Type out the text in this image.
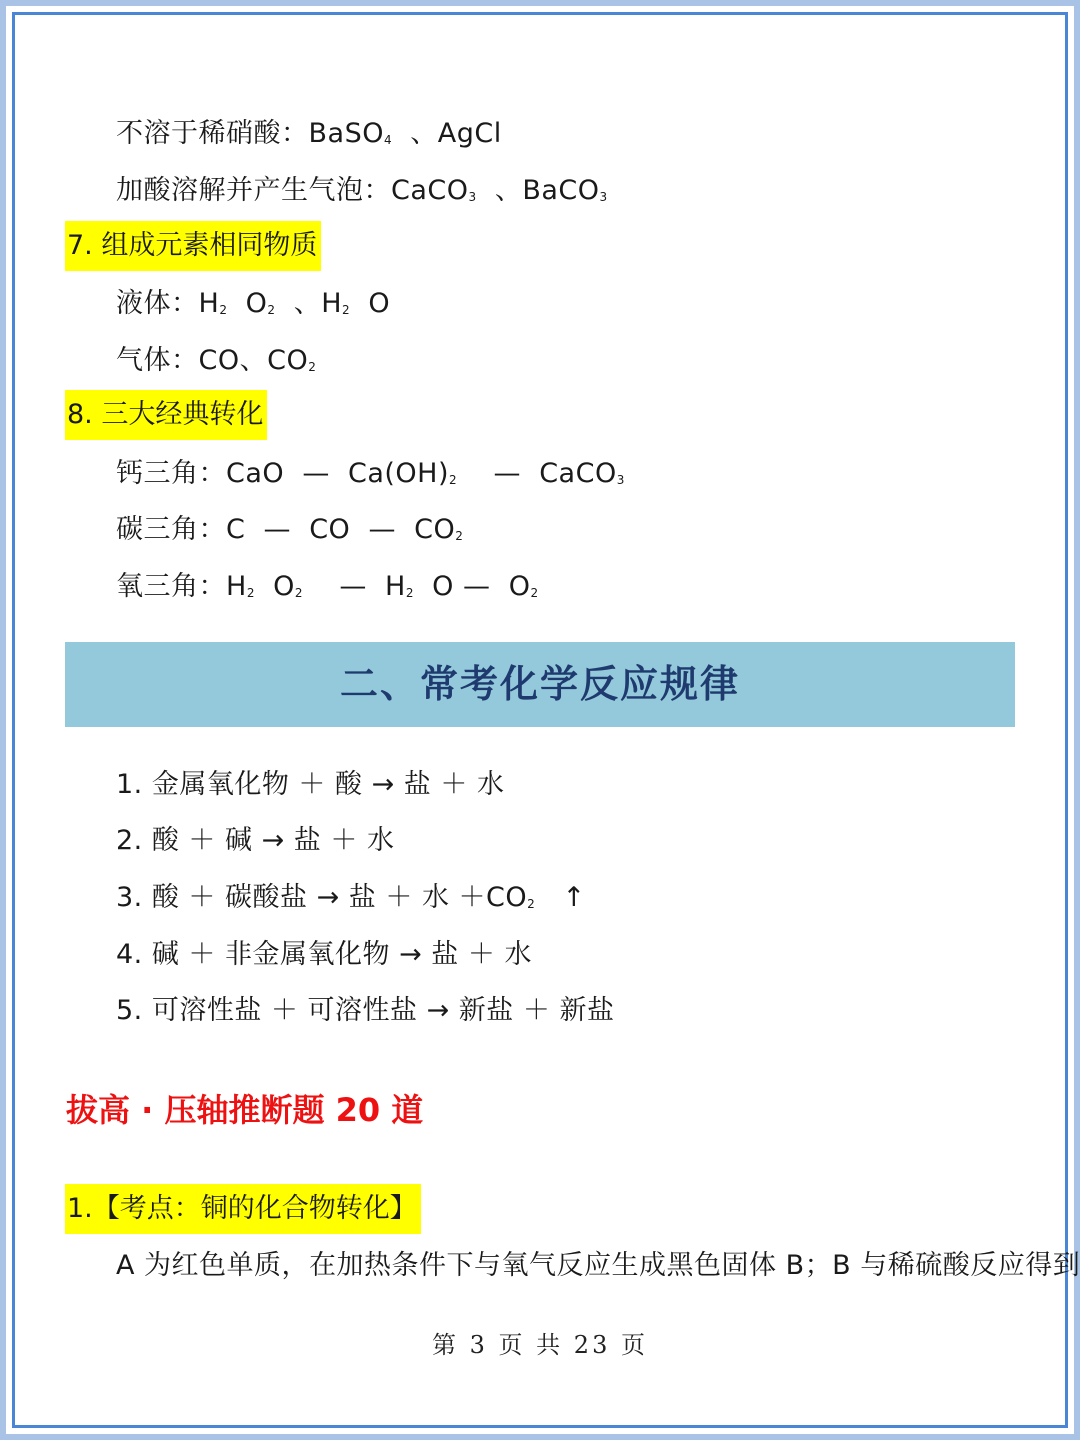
不溶于稀硝酸：BaSO$_4$ 、AgCl
加酸溶解并产生气泡：CaCO$_3$ 、BaCO$_3$
7. 组成元素相同物质
液体：$H_2$ $O_2$ 、$H_2$ O
气体：CO、$CO_2$
8. 三大经典转化
钙三角：CaO — $Ca(OH)_2$ — CaCO$_3$
碳三角：C — CO — $CO_2$
氧三角：$H_2$ $O_2$ — $H_2$ O — $O_2$
二、常考化学反应规律
1. 金属氧化物 ＋ 酸 → 盐 ＋ 水
2. 酸 ＋ 碱 → 盐 ＋ 水
3. 酸 ＋ 碳酸盐 → 盐 ＋ 水 $+CO_2$ ↑
4. 碱 ＋ 非金属氧化物 → 盐 ＋ 水
5. 可溶性盐 ＋ 可溶性盐 → 新盐 ＋ 新盐
拔高 · 压轴推断题 20 道
1.【考点：铜的化合物转化】
A 为红色单质，在加热条件下与氧气反应生成黑色固体 B；B 与稀硫酸反应得到
第 3 页 共 23 页
